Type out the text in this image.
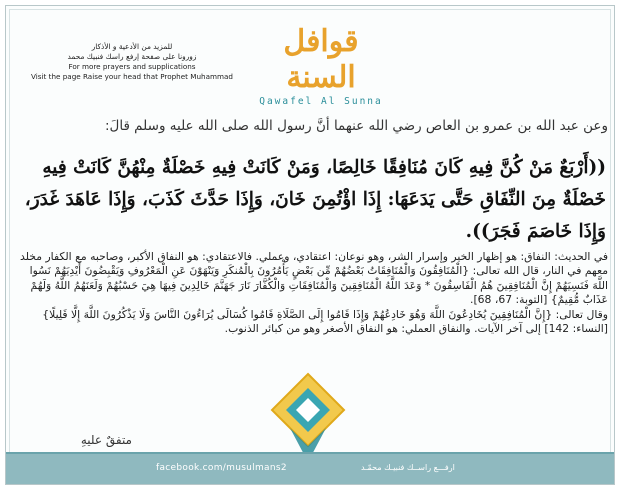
للمزيد من الأدعية و الأذكار
زورونا على صفحة إرفع راسك فنبيك محمد
For more prayers and supplications
Visit the page Raise your head that Prophet Muhammad
قوافل السنة
Qawafel Al Sunna
وعن عبد الله بن عمرو بن العاص رضي الله عنهما أنَّ رسول الله صلى الله عليه وسلم قالَ:
((أَرْبَعٌ مَنْ كُنَّ فِيهِ كَانَ مُنَافِقًا خَالِصًا، وَمَنْ كَانَتْ فِيهِ خَصْلَةٌ مِنْهُنَّ كَانَتْ فِيهِ خَصْلَةٌ مِنَ النِّفَاقِ حَتَّى يَدَعَهَا: إِذَا اؤْتُمِنَ خَانَ، وَإِذَا حَدَّثَ كَذَبَ، وَإِذَا عَاهَدَ غَدَرَ، وَإِذَا خَاصَمَ فَجَرَ)).

في الحديث: النفاق: هو إظهار الخير وإسرار الشر، وهو نوعان: اعتقادي، وعملي. فالاعتقادي: هو النفاق الأكبر، وصاحبه مع الكفار مخلد معهم في النار، قال الله تعالى: {الْمُنَافِقُونَ وَالْمُنَافِقَاتُ بَعْضُهُمْ مِّن بَعْضٍ يَأْمُرُونَ بِالْمُنكَرِ وَيَنْهَوْنَ عَنِ الْمَعْرُوفِ وَيَقْبِضُونَ أَيْدِيَهُمْ نَسُوا اللَّهَ فَنَسِيَهُمْ إِنَّ الْمُنَافِقِينَ هُمُ الْفَاسِقُونَ * وَعَدَ اللَّهُ الْمُنَافِقِينَ وَالْمُنَافِقَاتِ وَالْكُفَّارَ نَارَ جَهَنَّمَ خَالِدِينَ فِيهَا هِيَ حَسْبُهُمْ وَلَعَنَهُمُ اللَّهُ وَلَهُمْ عَذَابٌ مُّقِيمٌ} [التوبة: 67، 68].

وقال تعالى: {إِنَّ الْمُنَافِقِينَ يُخَادِعُونَ اللَّهَ وَهُوَ خَادِعُهُمْ وَإِذَا قَامُوا إِلَى الصَّلَاةِ قَامُوا كُسَالَى يُرَاءُونَ النَّاسَ وَلَا يَذْكُرُونَ اللَّهَ إِلَّا قَلِيلًا} [النساء: 142] إلى آخر الآيات. والنفاق العملي: هو النفاق الأصغر وهو من كبائر الذنوب.

متفقٌ عليهِ
facebook.com/musulmans2	ارفـــع راســك فنبيـك محمّـد
